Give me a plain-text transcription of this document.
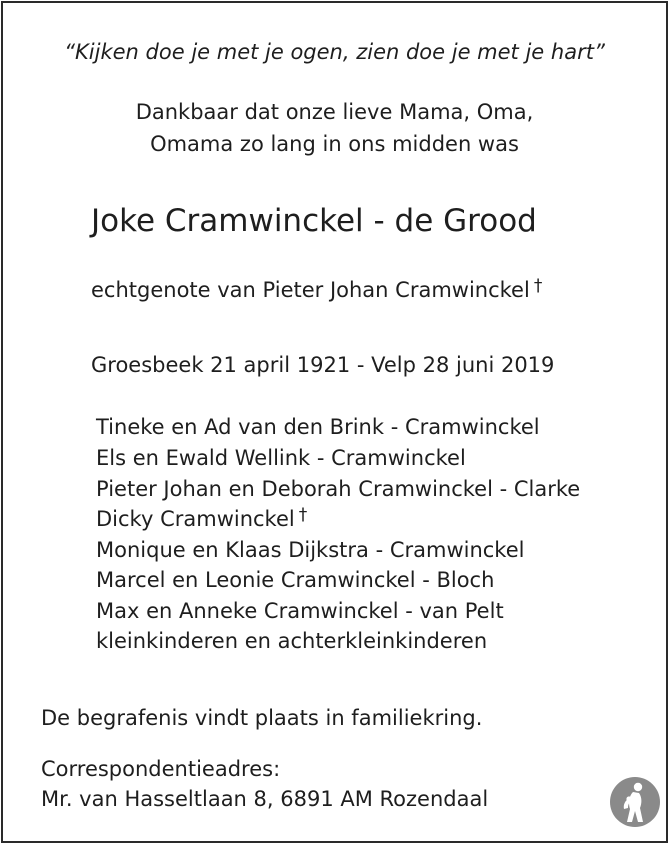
“Kijken doe je met je ogen, zien doe je met je hart”
Dankbaar dat onze lieve Mama, Oma,
Omama zo lang in ons midden was
Joke Cramwinckel - de Grood
echtgenote van Pieter Johan Cramwinckel †
Groesbeek 21 april 1921 - Velp 28 juni 2019
Tineke en Ad van den Brink - Cramwinckel
Els en Ewald Wellink - Cramwinckel
Pieter Johan en Deborah Cramwinckel - Clarke
Dicky Cramwinckel †
Monique en Klaas Dijkstra - Cramwinckel
Marcel en Leonie Cramwinckel - Bloch
Max en Anneke Cramwinckel - van Pelt
kleinkinderen en achterkleinkinderen
De begrafenis vindt plaats in familiekring.
Correspondentieadres:
Mr. van Hasseltlaan 8, 6891 AM Rozendaal
